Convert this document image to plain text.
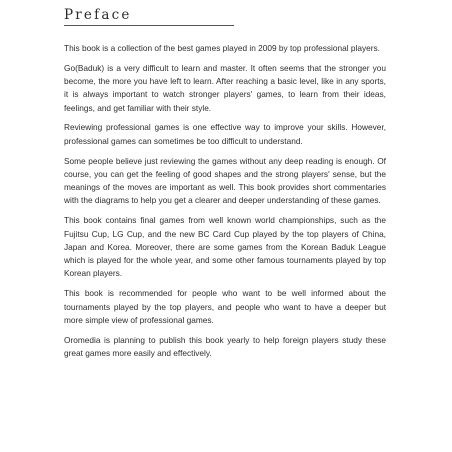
Preface

This book is a collection of the best games played in 2009 by top professional players.

Go(Baduk) is a very difficult to learn and master. It often seems that the stronger you become, the more you have left to learn. After reaching a basic level, like in any sports, it is always important to watch stronger players' games, to learn from their ideas, feelings, and get familiar with their style.

Reviewing professional games is one effective way to improve your skills. However, professional games can sometimes be too difficult to understand.

Some people believe just reviewing the games without any deep reading is enough. Of course, you can get the feeling of good shapes and the strong players' sense, but the meanings of the moves are important as well. This book provides short commentaries with the diagrams to help you get a clearer and deeper understanding of these games.

This book contains final games from well known world championships, such as the Fujitsu Cup, LG Cup, and the new BC Card Cup played by the top players of China, Japan and Korea. Moreover, there are some games from the Korean Baduk League which is played for the whole year, and some other famous tournaments played by top Korean players.

This book is recommended for people who want to be well informed about the tournaments played by the top players, and people who want to have a deeper but more simple view of professional games.

Oromedia is planning to publish this book yearly to help foreign players study these great games more easily and effectively.
